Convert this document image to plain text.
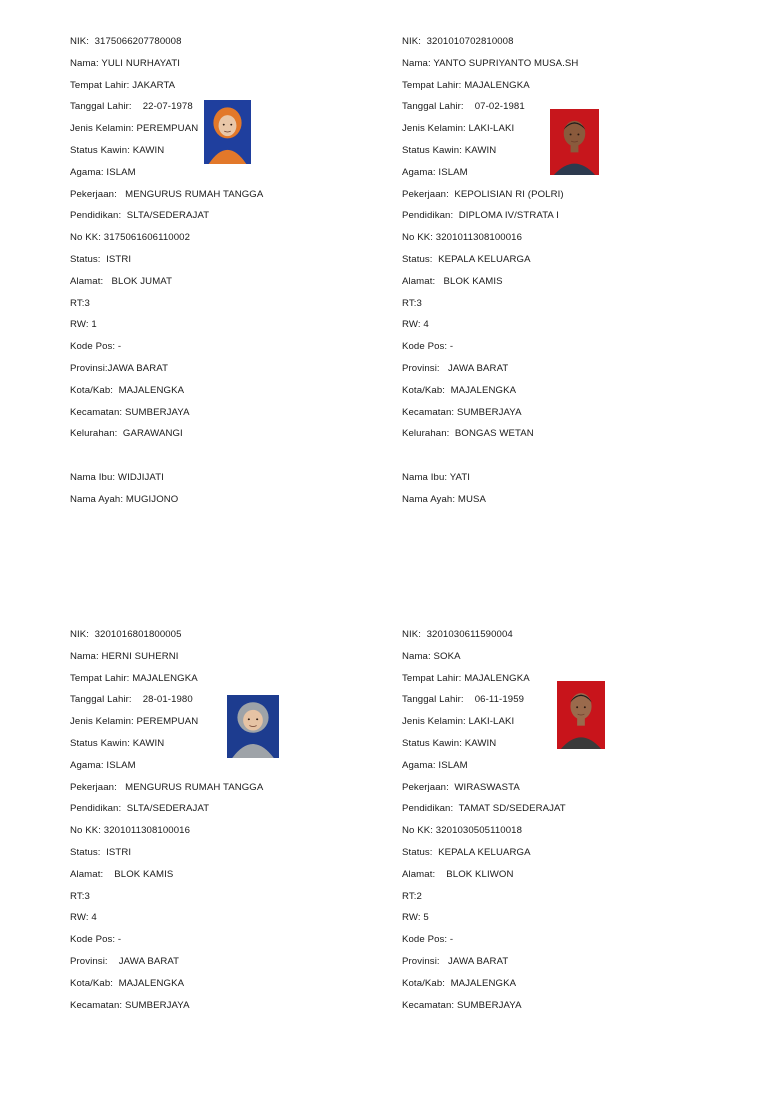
NIK:  3175066207780008
Nama: YULI NURHAYATI
Tempat Lahir: JAKARTA
Tanggal Lahir:    22-07-1978
Jenis Kelamin: PEREMPUAN
Status Kawin: KAWIN
Agama: ISLAM
Pekerjaan:   MENGURUS RUMAH TANGGA
Pendidikan:  SLTA/SEDERAJAT
No KK: 3175061606110002
Status:  ISTRI
Alamat:   BLOK JUMAT
RT:3
RW: 1
Kode Pos: -
Provinsi:JAWA BARAT
Kota/Kab:  MAJALENGKA
Kecamatan: SUMBERJAYA
Kelurahan:  GARAWANGI
Nama Ibu: WIDJIJATI
Nama Ayah: MUGIJONO
NIK:  3201010702810008
Nama: YANTO SUPRIYANTO MUSA.SH
Tempat Lahir: MAJALENGKA
Tanggal Lahir:    07-02-1981
Jenis Kelamin: LAKI-LAKI
Status Kawin: KAWIN
Agama: ISLAM
Pekerjaan:  KEPOLISIAN RI (POLRI)
Pendidikan:  DIPLOMA IV/STRATA I
No KK: 3201011308100016
Status:  KEPALA KELUARGA
Alamat:   BLOK KAMIS
RT:3
RW: 4
Kode Pos: -
Provinsi:   JAWA BARAT
Kota/Kab:  MAJALENGKA
Kecamatan: SUMBERJAYA
Kelurahan:  BONGAS WETAN
Nama Ibu: YATI
Nama Ayah: MUSA
NIK:  3201016801800005
Nama: HERNI SUHERNI
Tempat Lahir: MAJALENGKA
Tanggal Lahir:    28-01-1980
Jenis Kelamin: PEREMPUAN
Status Kawin: KAWIN
Agama: ISLAM
Pekerjaan:   MENGURUS RUMAH TANGGA
Pendidikan:  SLTA/SEDERAJAT
No KK: 3201011308100016
Status:  ISTRI
Alamat:    BLOK KAMIS
RT:3
RW: 4
Kode Pos: -
Provinsi:    JAWA BARAT
Kota/Kab:  MAJALENGKA
Kecamatan: SUMBERJAYA
NIK:  3201030611590004
Nama: SOKA
Tempat Lahir: MAJALENGKA
Tanggal Lahir:    06-11-1959
Jenis Kelamin: LAKI-LAKI
Status Kawin: KAWIN
Agama: ISLAM
Pekerjaan:  WIRASWASTA
Pendidikan:  TAMAT SD/SEDERAJAT
No KK: 3201030505110018
Status:  KEPALA KELUARGA
Alamat:    BLOK KLIWON
RT:2
RW: 5
Kode Pos: -
Provinsi:   JAWA BARAT
Kota/Kab:  MAJALENGKA
Kecamatan: SUMBERJAYA
